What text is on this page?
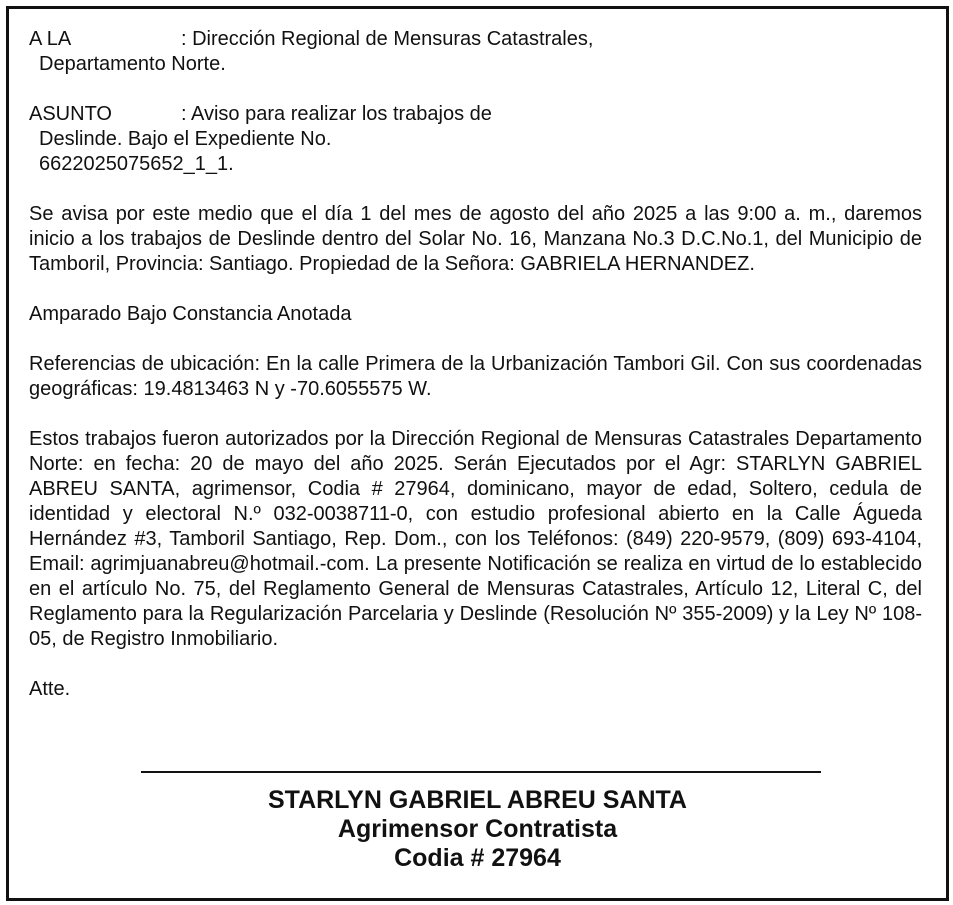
A LA	: Dirección Regional de Mensuras Catastrales,

Departamento Norte.

ASUNTO	: Aviso para realizar los trabajos de

Deslinde. Bajo el Expediente No.

6622025075652_1_1.

Se avisa por este medio que el día 1 del mes de agosto del año 2025 a las 9:00 a. m., daremos inicio a los trabajos de Deslinde dentro del Solar No. 16, Manzana No.3 D.C.No.1, del Municipio de Tamboril, Provincia: Santiago. Propiedad de la Señora: GABRIELA HERNANDEZ.

Amparado Bajo Constancia Anotada

Referencias de ubicación: En la calle Primera de la Urbanización Tambori Gil. Con sus coordenadas geográficas: 19.4813463 N y -70.6055575 W.

Estos trabajos fueron autorizados por la Dirección Regional de Mensuras Catastrales Departamento Norte: en fecha: 20 de mayo del año 2025. Serán Ejecutados por el Agr: STARLYN GABRIEL ABREU SANTA, agrimensor, Codia # 27964, dominicano, mayor de edad, Soltero, cedula de identidad y electoral N.º 032-0038711-0, con estudio profesional abierto en la Calle Águeda Hernández #3, Tamboril Santiago, Rep. Dom., con los Teléfonos: (849) 220-9579, (809) 693-4104, Email: agrimjuanabreu@hotmail.-com. La presente Notificación se realiza en virtud de lo establecido en el artículo No. 75, del Reglamento General de Mensuras Catastrales, Artículo 12, Literal C, del Reglamento para la Regularización Parcelaria y Deslinde (Resolución Nº 355-2009) y la Ley Nº 108-05, de Registro Inmobiliario.

Atte.

STARLYN GABRIEL ABREU SANTA

Agrimensor Contratista

Codia # 27964
